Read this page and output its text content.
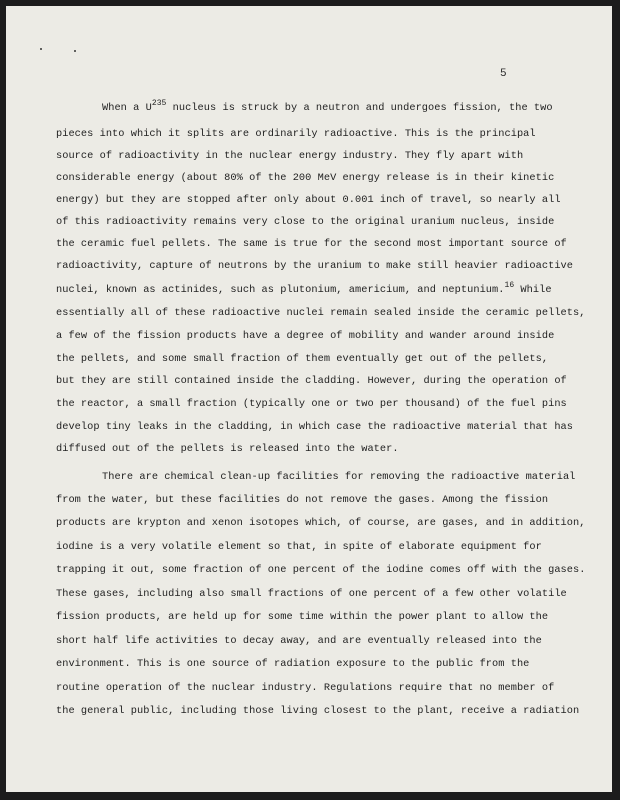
5
When a $U^{235}$ nucleus is struck by a neutron and undergoes fission, the two
pieces into which it splits are ordinarily radioactive. This is the principal
source of radioactivity in the nuclear energy industry. They fly apart with
considerable energy (about 80% of the 200 MeV energy release is in their kinetic
energy) but they are stopped after only about 0.001 inch of travel, so nearly all
of this radioactivity remains very close to the original uranium nucleus, inside
the ceramic fuel pellets. The same is true for the second most important source of
radioactivity, capture of neutrons by the uranium to make still heavier radioactive
nuclei, known as actinides, such as plutonium, americium, and neptunium.$^{16}$ While
essentially all of these radioactive nuclei remain sealed inside the ceramic pellets,
a few of the fission products have a degree of mobility and wander around inside
the pellets, and some small fraction of them eventually get out of the pellets,
but they are still contained inside the cladding. However, during the operation of
the reactor, a small fraction (typically one or two per thousand) of the fuel pins
develop tiny leaks in the cladding, in which case the radioactive material that has
diffused out of the pellets is released into the water.
There are chemical clean-up facilities for removing the radioactive material
from the water, but these facilities do not remove the gases. Among the fission
products are krypton and xenon isotopes which, of course, are gases, and in addition,
iodine is a very volatile element so that, in spite of elaborate equipment for
trapping it out, some fraction of one percent of the iodine comes off with the gases.
These gases, including also small fractions of one percent of a few other volatile
fission products, are held up for some time within the power plant to allow the
short half life activities to decay away, and are eventually released into the
environment. This is one source of radiation exposure to the public from the
routine operation of the nuclear industry. Regulations require that no member of
the general public, including those living closest to the plant, receive a radiation
